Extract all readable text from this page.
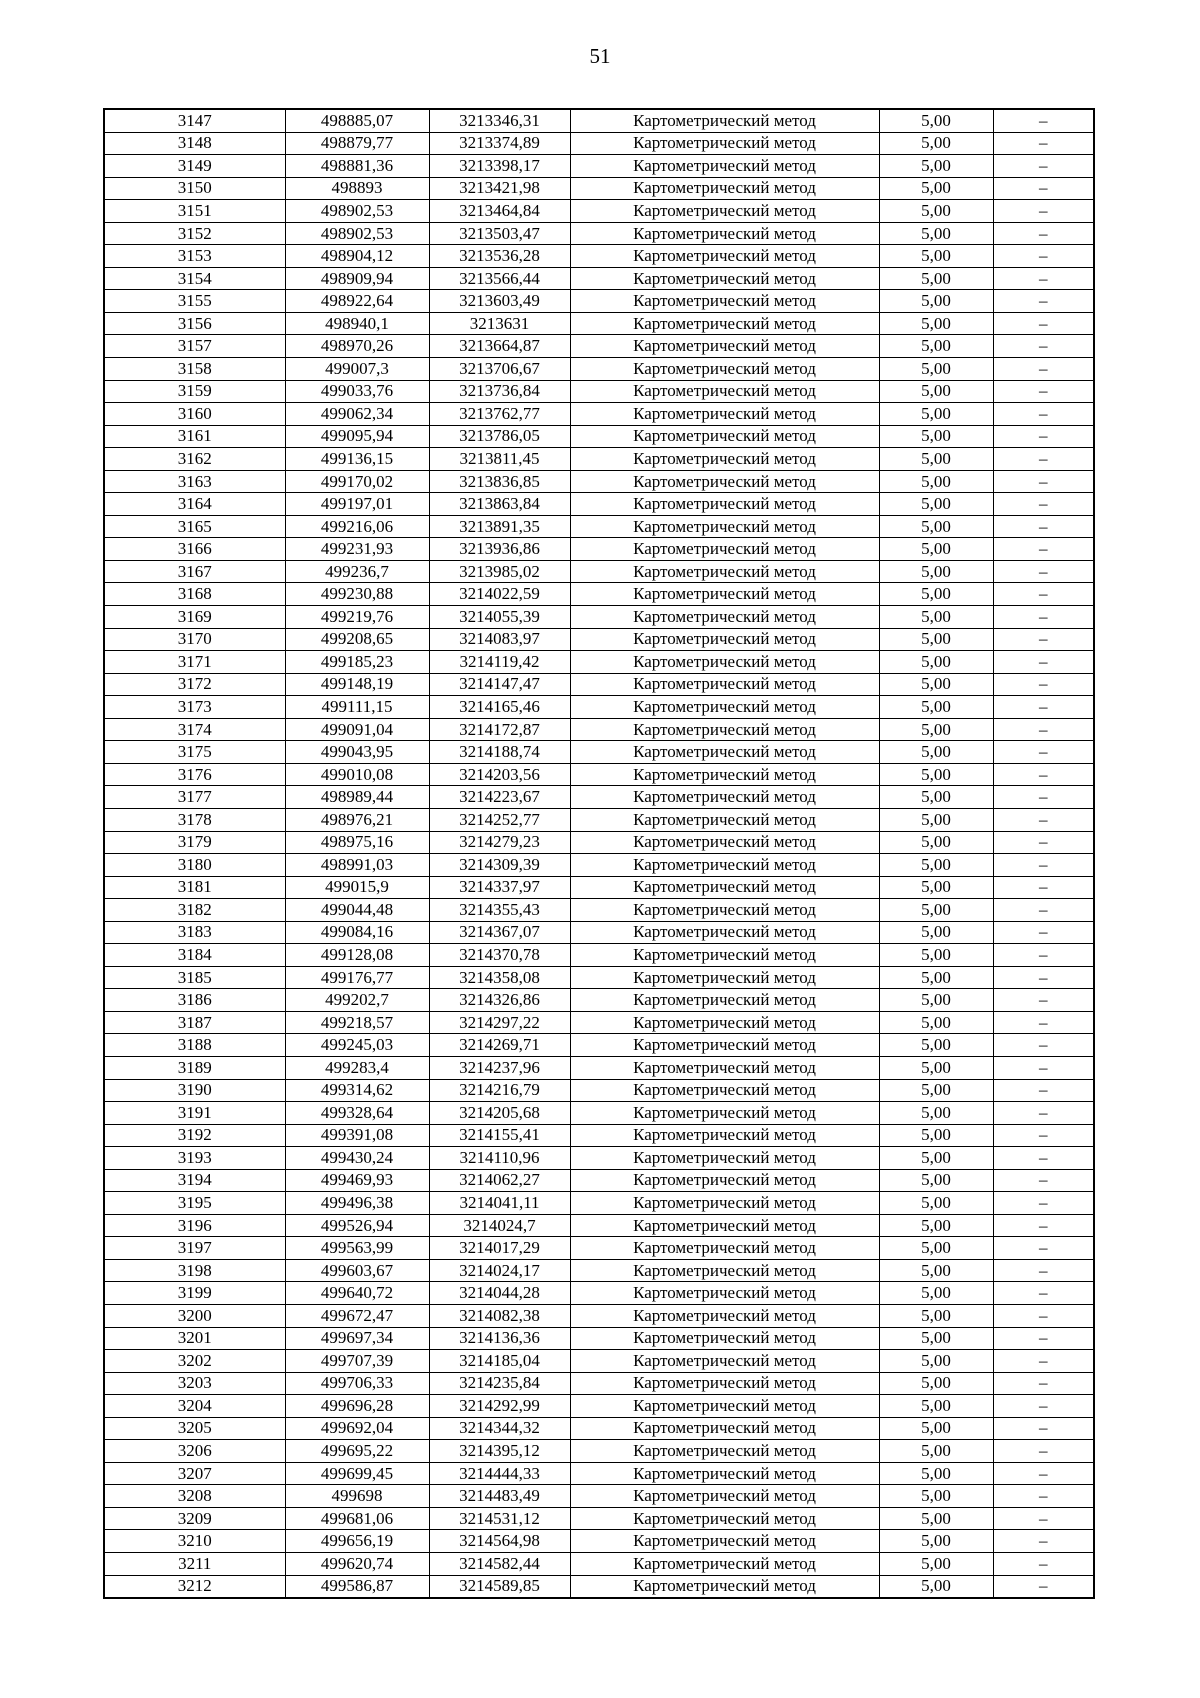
51
3147	498885,07	3213346,31	Картометрический метод	5,00	–
3148	498879,77	3213374,89	Картометрический метод	5,00	–
3149	498881,36	3213398,17	Картометрический метод	5,00	–
3150	498893	3213421,98	Картометрический метод	5,00	–
3151	498902,53	3213464,84	Картометрический метод	5,00	–
3152	498902,53	3213503,47	Картометрический метод	5,00	–
3153	498904,12	3213536,28	Картометрический метод	5,00	–
3154	498909,94	3213566,44	Картометрический метод	5,00	–
3155	498922,64	3213603,49	Картометрический метод	5,00	–
3156	498940,1	3213631	Картометрический метод	5,00	–
3157	498970,26	3213664,87	Картометрический метод	5,00	–
3158	499007,3	3213706,67	Картометрический метод	5,00	–
3159	499033,76	3213736,84	Картометрический метод	5,00	–
3160	499062,34	3213762,77	Картометрический метод	5,00	–
3161	499095,94	3213786,05	Картометрический метод	5,00	–
3162	499136,15	3213811,45	Картометрический метод	5,00	–
3163	499170,02	3213836,85	Картометрический метод	5,00	–
3164	499197,01	3213863,84	Картометрический метод	5,00	–
3165	499216,06	3213891,35	Картометрический метод	5,00	–
3166	499231,93	3213936,86	Картометрический метод	5,00	–
3167	499236,7	3213985,02	Картометрический метод	5,00	–
3168	499230,88	3214022,59	Картометрический метод	5,00	–
3169	499219,76	3214055,39	Картометрический метод	5,00	–
3170	499208,65	3214083,97	Картометрический метод	5,00	–
3171	499185,23	3214119,42	Картометрический метод	5,00	–
3172	499148,19	3214147,47	Картометрический метод	5,00	–
3173	499111,15	3214165,46	Картометрический метод	5,00	–
3174	499091,04	3214172,87	Картометрический метод	5,00	–
3175	499043,95	3214188,74	Картометрический метод	5,00	–
3176	499010,08	3214203,56	Картометрический метод	5,00	–
3177	498989,44	3214223,67	Картометрический метод	5,00	–
3178	498976,21	3214252,77	Картометрический метод	5,00	–
3179	498975,16	3214279,23	Картометрический метод	5,00	–
3180	498991,03	3214309,39	Картометрический метод	5,00	–
3181	499015,9	3214337,97	Картометрический метод	5,00	–
3182	499044,48	3214355,43	Картометрический метод	5,00	–
3183	499084,16	3214367,07	Картометрический метод	5,00	–
3184	499128,08	3214370,78	Картометрический метод	5,00	–
3185	499176,77	3214358,08	Картометрический метод	5,00	–
3186	499202,7	3214326,86	Картометрический метод	5,00	–
3187	499218,57	3214297,22	Картометрический метод	5,00	–
3188	499245,03	3214269,71	Картометрический метод	5,00	–
3189	499283,4	3214237,96	Картометрический метод	5,00	–
3190	499314,62	3214216,79	Картометрический метод	5,00	–
3191	499328,64	3214205,68	Картометрический метод	5,00	–
3192	499391,08	3214155,41	Картометрический метод	5,00	–
3193	499430,24	3214110,96	Картометрический метод	5,00	–
3194	499469,93	3214062,27	Картометрический метод	5,00	–
3195	499496,38	3214041,11	Картометрический метод	5,00	–
3196	499526,94	3214024,7	Картометрический метод	5,00	–
3197	499563,99	3214017,29	Картометрический метод	5,00	–
3198	499603,67	3214024,17	Картометрический метод	5,00	–
3199	499640,72	3214044,28	Картометрический метод	5,00	–
3200	499672,47	3214082,38	Картометрический метод	5,00	–
3201	499697,34	3214136,36	Картометрический метод	5,00	–
3202	499707,39	3214185,04	Картометрический метод	5,00	–
3203	499706,33	3214235,84	Картометрический метод	5,00	–
3204	499696,28	3214292,99	Картометрический метод	5,00	–
3205	499692,04	3214344,32	Картометрический метод	5,00	–
3206	499695,22	3214395,12	Картометрический метод	5,00	–
3207	499699,45	3214444,33	Картометрический метод	5,00	–
3208	499698	3214483,49	Картометрический метод	5,00	–
3209	499681,06	3214531,12	Картометрический метод	5,00	–
3210	499656,19	3214564,98	Картометрический метод	5,00	–
3211	499620,74	3214582,44	Картометрический метод	5,00	–
3212	499586,87	3214589,85	Картометрический метод	5,00	–
